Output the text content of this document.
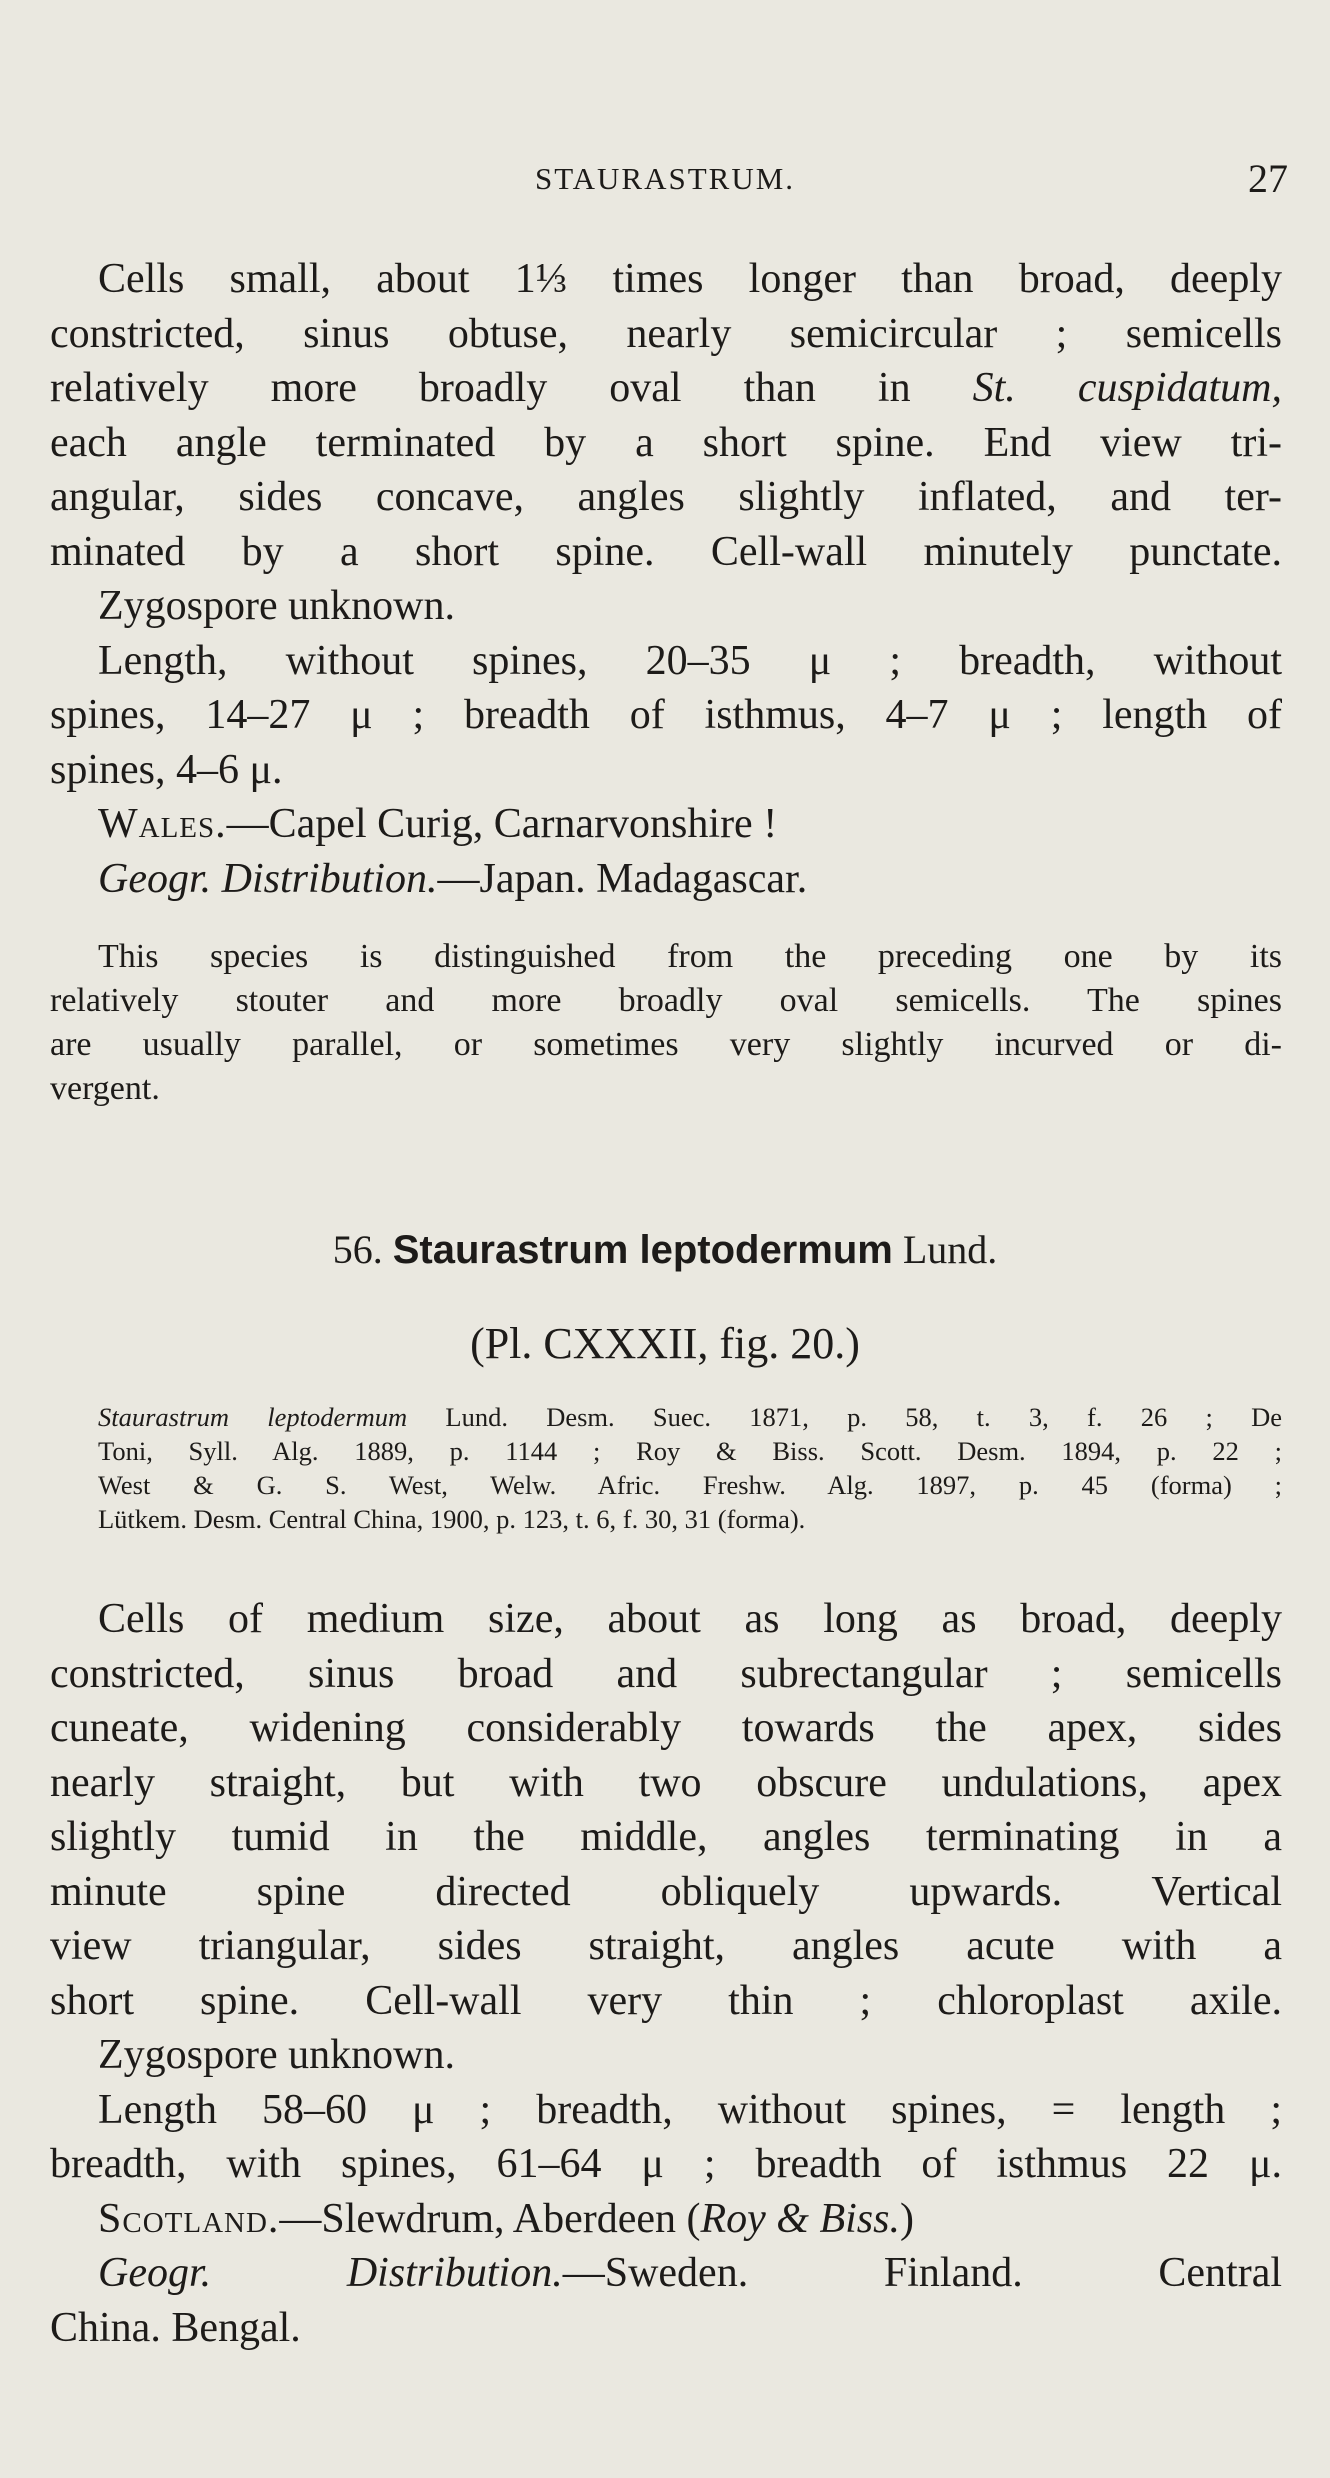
STAURASTRUM.	27
Cells small, about 1⅓ times longer than broad, deeply
constricted, sinus obtuse, nearly semicircular ; semicells
relatively more broadly oval than in St. cuspidatum,
each angle terminated by a short spine. End view tri-
angular, sides concave, angles slightly inflated, and ter-
minated by a short spine. Cell-wall minutely punctate.
Zygospore unknown.
Length, without spines, 20–35 μ ; breadth, without
spines, 14–27 μ ; breadth of isthmus, 4–7 μ ; length of
spines, 4–6 μ.
Wales.—Capel Curig, Carnarvonshire !
Geogr. Distribution.—Japan. Madagascar.
This species is distinguished from the preceding one by its
relatively stouter and more broadly oval semicells. The spines
are usually parallel, or sometimes very slightly incurved or di-
vergent.
56. Staurastrum leptodermum Lund.
(Pl. CXXXII, fig. 20.)
Staurastrum leptodermum Lund. Desm. Suec. 1871, p. 58, t. 3, f. 26 ; De
Toni, Syll. Alg. 1889, p. 1144 ; Roy & Biss. Scott. Desm. 1894, p. 22 ;
West & G. S. West, Welw. Afric. Freshw. Alg. 1897, p. 45 (forma) ;
Lütkem. Desm. Central China, 1900, p. 123, t. 6, f. 30, 31 (forma).
Cells of medium size, about as long as broad, deeply
constricted, sinus broad and subrectangular ; semicells
cuneate, widening considerably towards the apex, sides
nearly straight, but with two obscure undulations, apex
slightly tumid in the middle, angles terminating in a
minute spine directed obliquely upwards. Vertical
view triangular, sides straight, angles acute with a
short spine. Cell-wall very thin ; chloroplast axile.
Zygospore unknown.
Length 58–60 μ ; breadth, without spines, = length ;
breadth, with spines, 61–64 μ ; breadth of isthmus 22 μ.
Scotland.—Slewdrum, Aberdeen (Roy & Biss.)
Geogr. Distribution.—Sweden. Finland. Central
China. Bengal.
